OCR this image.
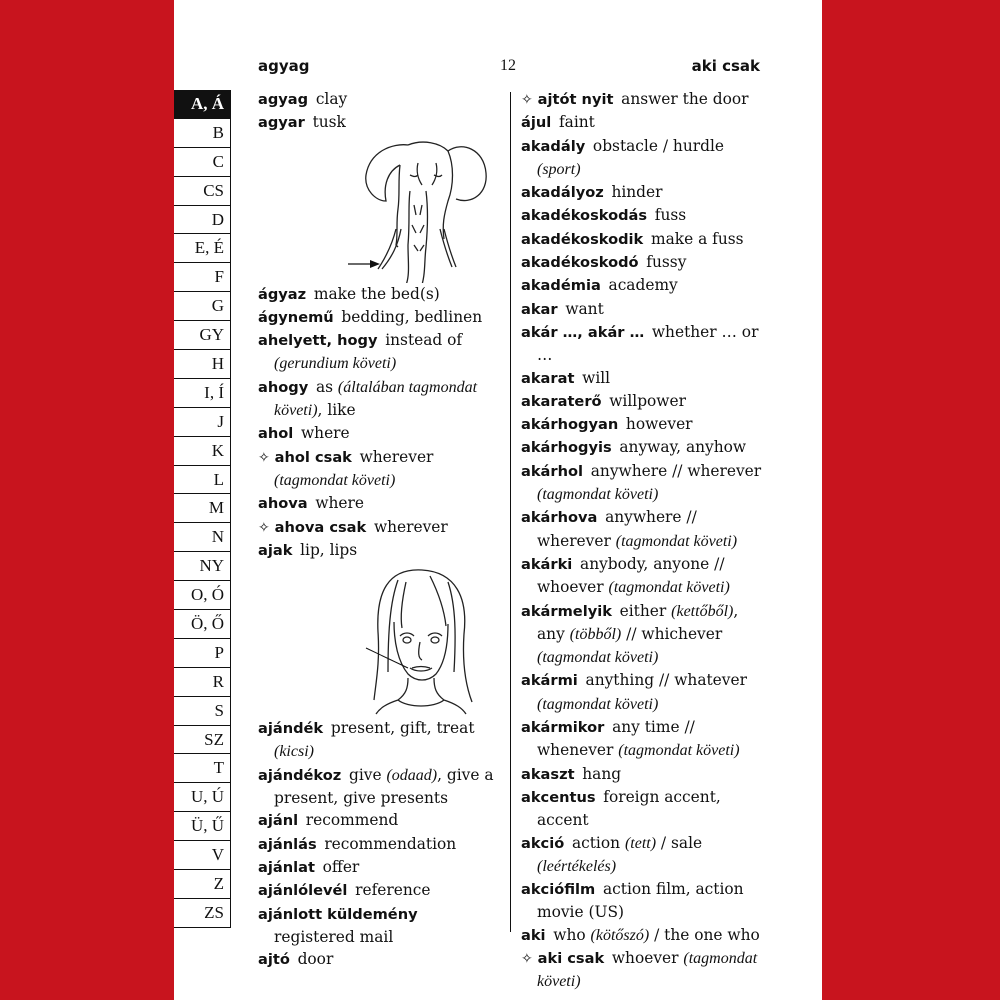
agyag	12	aki csak
A, Á
B
C
CS
D
E, É
F
G
GY
H
I, Í
J
K
L
M
N
NY
O, Ó
Ö, Ő
P
R
S
SZ
T
U, Ú
Ü, Ű
V
Z
ZS

agyag  clay

agyar  tusk

ágyaz  make the bed(s)

ágynemű  bedding, bedlinen

ahelyett, hogy  instead of (gerundium követi)

ahogy  as (általában tagmondat követi), like

ahol  where

✧ ahol csak  wherever (tagmondat követi)

ahova  where

✧ ahova csak  wherever

ajak  lip, lips

ajándék  present, gift, treat (kicsi)

ajándékoz  give (odaad), give a present, give presents

ajánl  recommend

ajánlás  recommendation

ajánlat  offer

ajánlólevél  reference

ajánlott küldemény registered mail

ajtó  door

✧ ajtót nyit  answer the door

ájul  faint

akadály  obstacle / hurdle (sport)

akadályoz  hinder

akadékoskodás  fuss

akadékoskodik  make a fuss

akadékoskodó  fussy

akadémia  academy

akar  want

akár …, akár …  whether … or …

akarat  will

akaraterő  willpower

akárhogyan  however

akárhogyis  anyway, anyhow

akárhol  anywhere // wherever (tagmondat követi)

akárhova  anywhere // wherever (tagmondat követi)

akárki  anybody, anyone // whoever (tagmondat követi)

akármelyik  either (kettőből), any (többől) // whichever (tagmondat követi)

akármi  anything // whatever (tagmondat követi)

akármikor  any time // whenever (tagmondat követi)

akaszt  hang

akcentus  foreign accent, accent

akció  action (tett) / sale (leértékelés)

akciófilm  action film, action movie (US)

aki  who (kötőszó) / the one who

✧ aki csak  whoever (tagmondat követi)
